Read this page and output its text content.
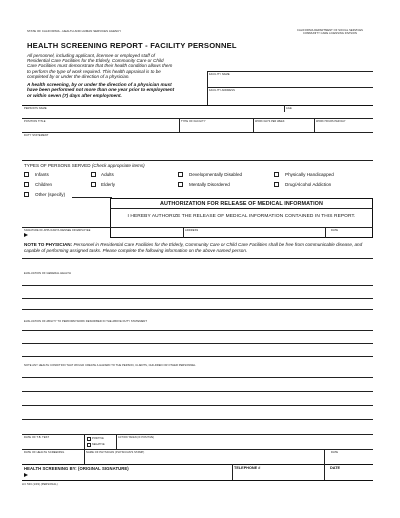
STATE OF CALIFORNIA - HEALTH AND HUMAN SERVICES AGENCY	CALIFORNIA DEPARTMENT OF SOCIAL SERVICES
COMMUNITY CARE LICENSING DIVISION
HEALTH SCREENING REPORT - FACILITY PERSONNEL
All personnel, including applicant, licensee or employed staff of
Residential Care Facilities for the Elderly, Community Care or Child
Care Facilities must demonstrate that their health condition allows them
to perform the type of work required. This health appraisal is to be
completed by or under the direction of a physician.
A health screening, by or under the direction of a physician must
have been performed not more than one year prior to employment
or within seven (7) days after employment.
FACILITY NAME
FACILITY ADDRESS
PERSON'S NAME	AGE
POSITION TITLE	TYPE OF FACILITY	WORK DAYS PER WEEK	WORK HOURS PER DAY
DUTY STATEMENT
TYPES OF PERSONS SERVED (Check appropriate items)
Infants	Adults	Developmentally Disabled	Physically Handicapped
Children	Elderly	Mentally Disordered	Drug/Alcohol Addiction
Other (specify)
AUTHORIZATION FOR RELEASE OF MEDICAL INFORMATION
I HEREBY AUTHORIZE THE RELEASE OF MEDICAL INFORMATION CONTAINED IN THIS REPORT.
SIGNATURE OF APPLICANT/LICENSEE OR EMPLOYEE	ADDRESS	DATE
NOTE TO PHYSICIAN: Personnel in Residential Care Facilities for the Elderly, Community Care or Child Care Facilities shall be free from communicable disease, and capable of performing assigned tasks. Please complete the following information on the above named person.
EVALUATION OF GENERAL HEALTH
EVALUATION OF ABILITY TO PERFORM WORK DESCRIBED IN THE ABOVE DUTY STATEMENT
NOTE ANY HEALTH CONDITION THAT WOULD CREATE A HAZARD TO THE PERSON, CLIENTS, CHILDREN OR OTHER PERSONNEL
DATE OF T.B. TEST	POSITIVE
NEGATIVE
ACTION TAKEN (IF POSITIVE)
DATE OF HEALTH SCREENING	NAME OF PHYSICIAN (PHYSICIAN'S STAMP)	DATE
HEALTH SCREENING BY: (ORIGINAL SIGNATURE)	TELEPHONE #	DATE
LIC 503 (1/03) (PERSONAL)
